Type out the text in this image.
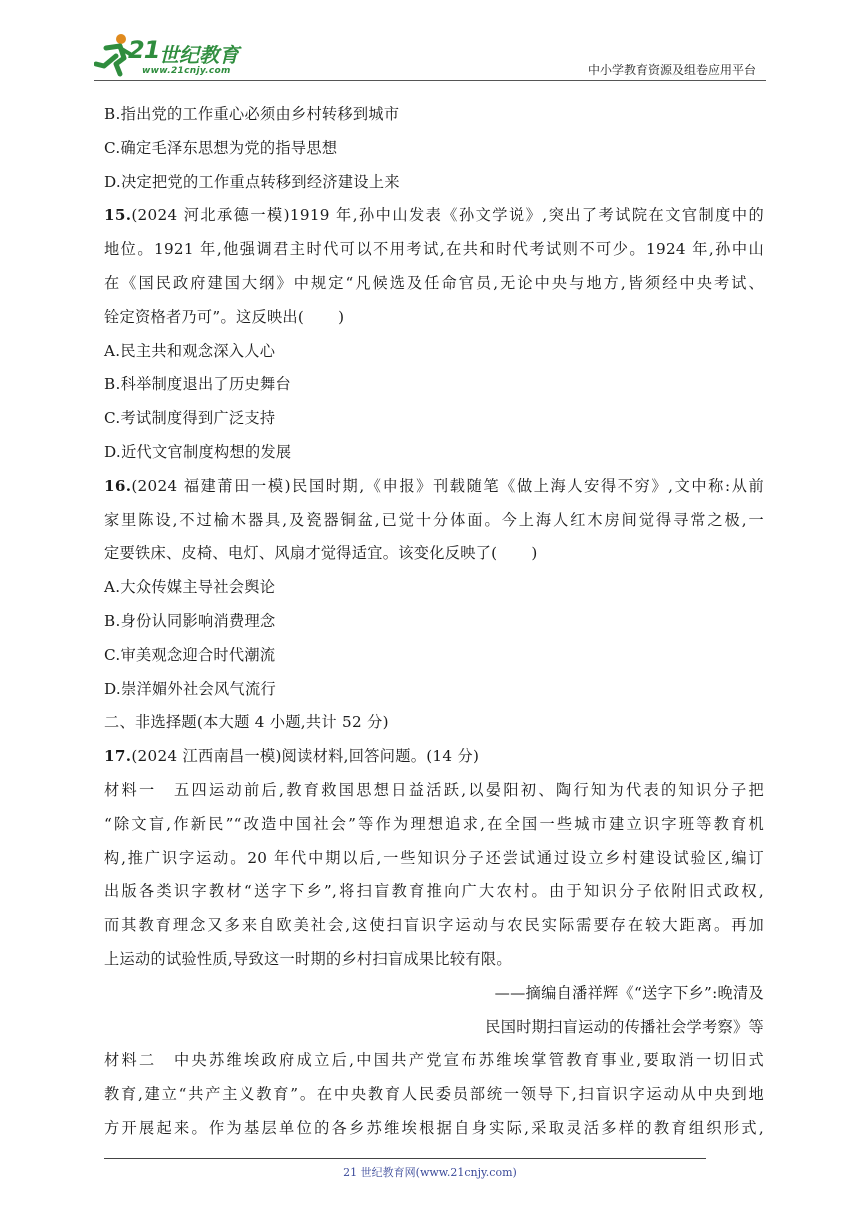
21 世纪教育
www.21cnjy.com	中小学教育资源及组卷应用平台
B.指出党的工作重心必须由乡村转移到城市
C.确定毛泽东思想为党的指导思想
D.决定把党的工作重点转移到经济建设上来
15.(2024 河北承德一模)1919 年,孙中山发表《孙文学说》,突出了考试院在文官制度中的
地位。1921 年,他强调君主时代可以不用考试,在共和时代考试则不可少。1924 年,孙中山
在《国民政府建国大纲》中规定“凡候选及任命官员,无论中央与地方,皆须经中央考试、
铨定资格者乃可”。这反映出( )
A.民主共和观念深入人心
B.科举制度退出了历史舞台
C.考试制度得到广泛支持
D.近代文官制度构想的发展
16.(2024 福建莆田一模)民国时期,《申报》刊载随笔《做上海人安得不穷》,文中称:从前
家里陈设,不过榆木器具,及瓷器铜盆,已觉十分体面。今上海人红木房间觉得寻常之极,一
定要铁床、皮椅、电灯、风扇才觉得适宜。该变化反映了( )
A.大众传媒主导社会舆论
B.身份认同影响消费理念
C.审美观念迎合时代潮流
D.崇洋媚外社会风气流行
二、非选择题(本大题 4 小题,共计 52 分)
17.(2024 江西南昌一模)阅读材料,回答问题。(14 分)
材料一　五四运动前后,教育救国思想日益活跃,以晏阳初、陶行知为代表的知识分子把
“除文盲,作新民”“改造中国社会”等作为理想追求,在全国一些城市建立识字班等教育机
构,推广识字运动。20 年代中期以后,一些知识分子还尝试通过设立乡村建设试验区,编订
出版各类识字教材“送字下乡”,将扫盲教育推向广大农村。由于知识分子依附旧式政权,
而其教育理念又多来自欧美社会,这使扫盲识字运动与农民实际需要存在较大距离。再加
上运动的试验性质,导致这一时期的乡村扫盲成果比较有限。
——摘编自潘祥辉《“送字下乡”:晚清及
民国时期扫盲运动的传播社会学考察》等
材料二　中央苏维埃政府成立后,中国共产党宣布苏维埃掌管教育事业,要取消一切旧式
教育,建立“共产主义教育”。在中央教育人民委员部统一领导下,扫盲识字运动从中央到地
方开展起来。作为基层单位的各乡苏维埃根据自身实际,采取灵活多样的教育组织形式,
21 世纪教育网(www.21cnjy.com)
